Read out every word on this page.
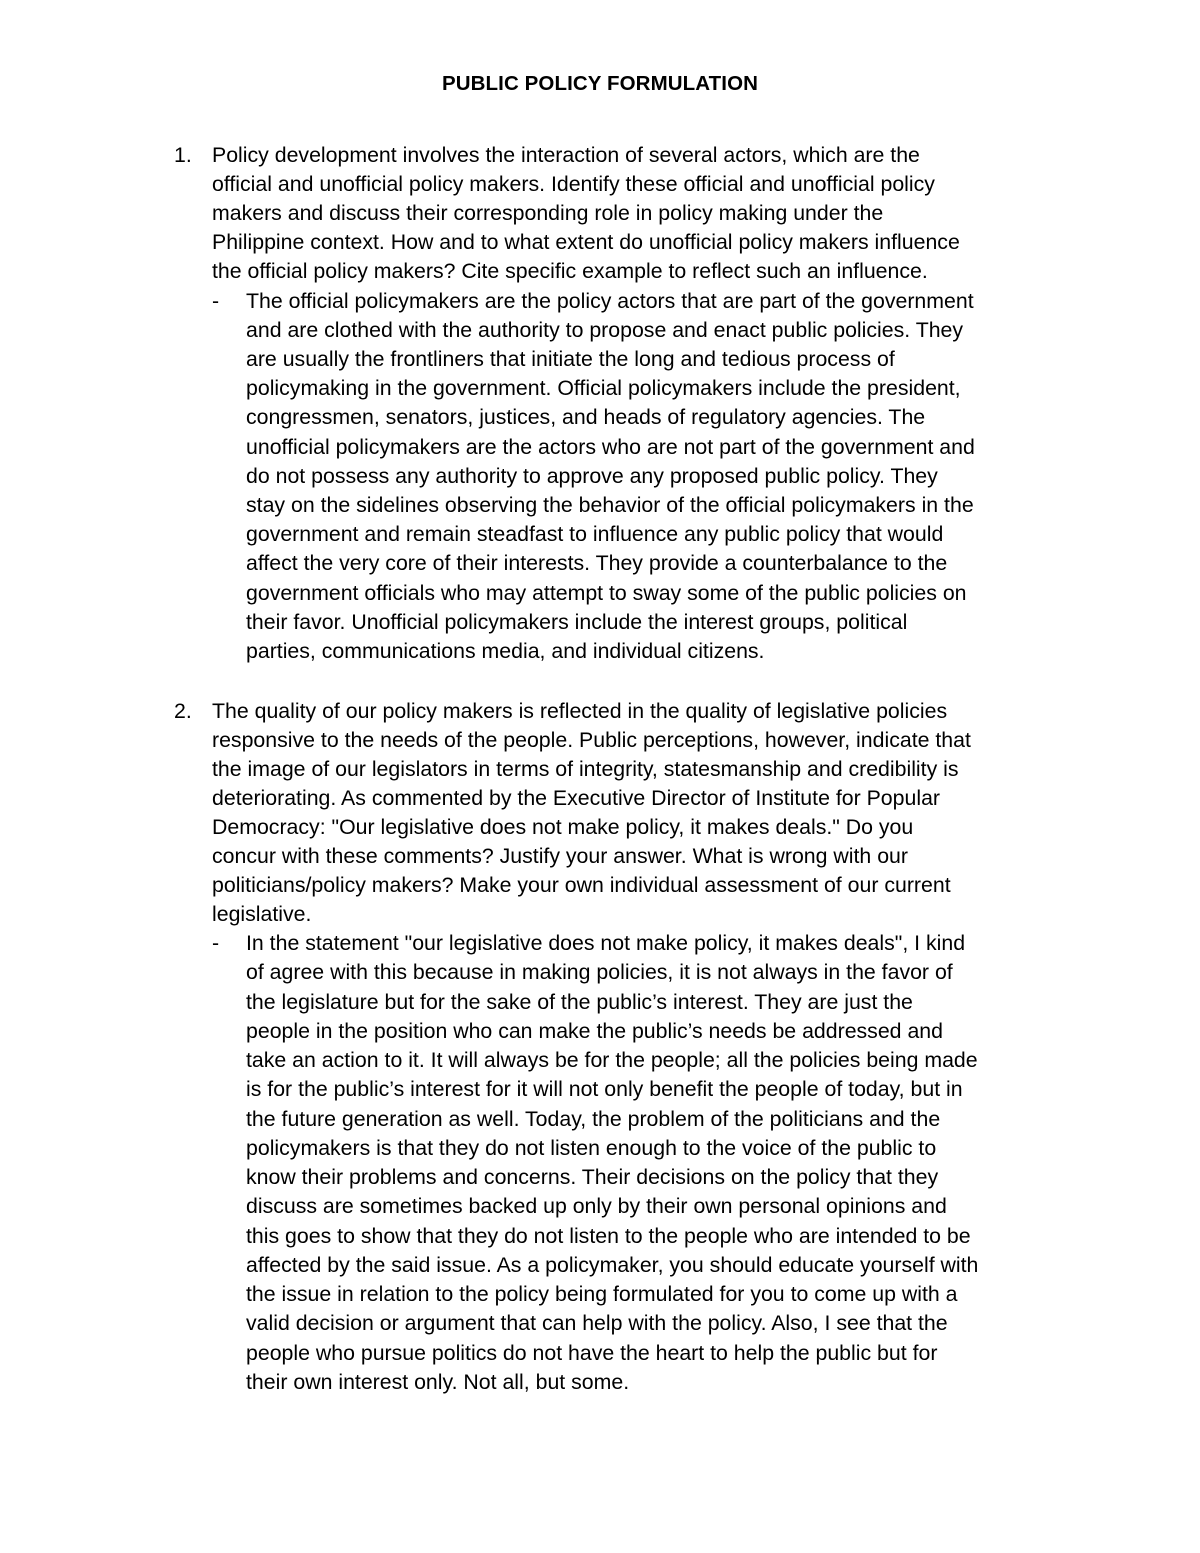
PUBLIC POLICY FORMULATION
1. Policy development involves the interaction of several actors, which are the
official and unofficial policy makers. Identify these official and unofficial policy
makers and discuss their corresponding role in policy making under the
Philippine context. How and to what extent do unofficial policy makers influence
the official policy makers? Cite specific example to reflect such an influence.
- The official policymakers are the policy actors that are part of the government
and are clothed with the authority to propose and enact public policies. They
are usually the frontliners that initiate the long and tedious process of
policymaking in the government. Official policymakers include the president,
congressmen, senators, justices, and heads of regulatory agencies. The
unofficial policymakers are the actors who are not part of the government and
do not possess any authority to approve any proposed public policy. They
stay on the sidelines observing the behavior of the official policymakers in the
government and remain steadfast to influence any public policy that would
affect the very core of their interests. They provide a counterbalance to the
government officials who may attempt to sway some of the public policies on
their favor. Unofficial policymakers include the interest groups, political
parties, communications media, and individual citizens.
2. The quality of our policy makers is reflected in the quality of legislative policies
responsive to the needs of the people. Public perceptions, however, indicate that
the image of our legislators in terms of integrity, statesmanship and credibility is
deteriorating. As commented by the Executive Director of Institute for Popular
Democracy: "Our legislative does not make policy, it makes deals." Do you
concur with these comments? Justify your answer. What is wrong with our
politicians/policy makers? Make your own individual assessment of our current
legislative.
- In the statement "our legislative does not make policy, it makes deals", I kind
of agree with this because in making policies, it is not always in the favor of
the legislature but for the sake of the public’s interest. They are just the
people in the position who can make the public’s needs be addressed and
take an action to it. It will always be for the people; all the policies being made
is for the public’s interest for it will not only benefit the people of today, but in
the future generation as well. Today, the problem of the politicians and the
policymakers is that they do not listen enough to the voice of the public to
know their problems and concerns. Their decisions on the policy that they
discuss are sometimes backed up only by their own personal opinions and
this goes to show that they do not listen to the people who are intended to be
affected by the said issue. As a policymaker, you should educate yourself with
the issue in relation to the policy being formulated for you to come up with a
valid decision or argument that can help with the policy. Also, I see that the
people who pursue politics do not have the heart to help the public but for
their own interest only. Not all, but some.
